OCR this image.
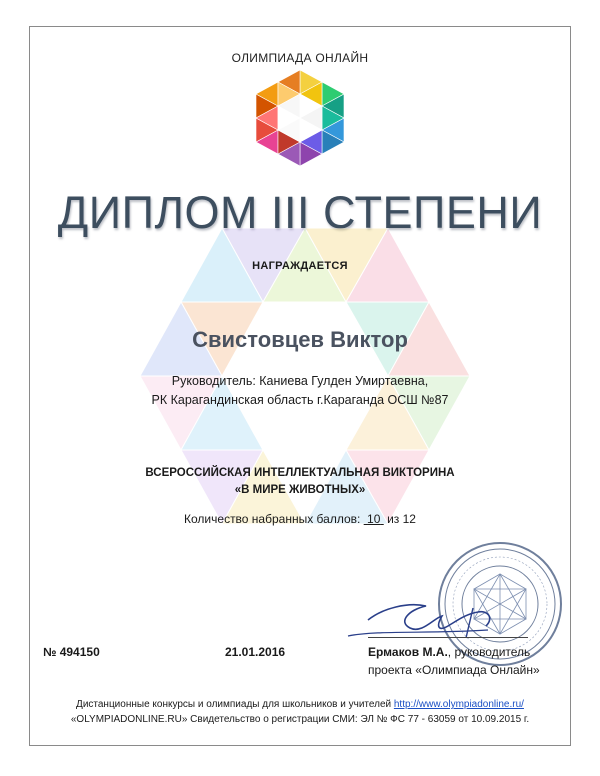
ОЛИМПИАДА ОНЛАЙН
ДИПЛОМ III СТЕПЕНИ
НАГРАЖДАЕТСЯ
Свистовцев Виктор
Руководитель: Каниева Гулден Умиртаевна,
РК Карагандинская область г.Караганда ОСШ №87
ВСЕРОССИЙСКАЯ ИНТЕЛЛЕКТУАЛЬНАЯ ВИКТОРИНА
«В МИРЕ ЖИВОТНЫХ»
Количество набранных баллов: 10 из 12
№ 494150	21.01.2016	Ермаков М.А., руководитель
проекта «Олимпиада Онлайн»
Дистанционные конкурсы и олимпиады для школьников и учителей http://www.olympiadonline.ru/
«OLYMPIADONLINE.RU» Свидетельство о регистрации СМИ: ЭЛ № ФС 77 - 63059 от 10.09.2015 г.
